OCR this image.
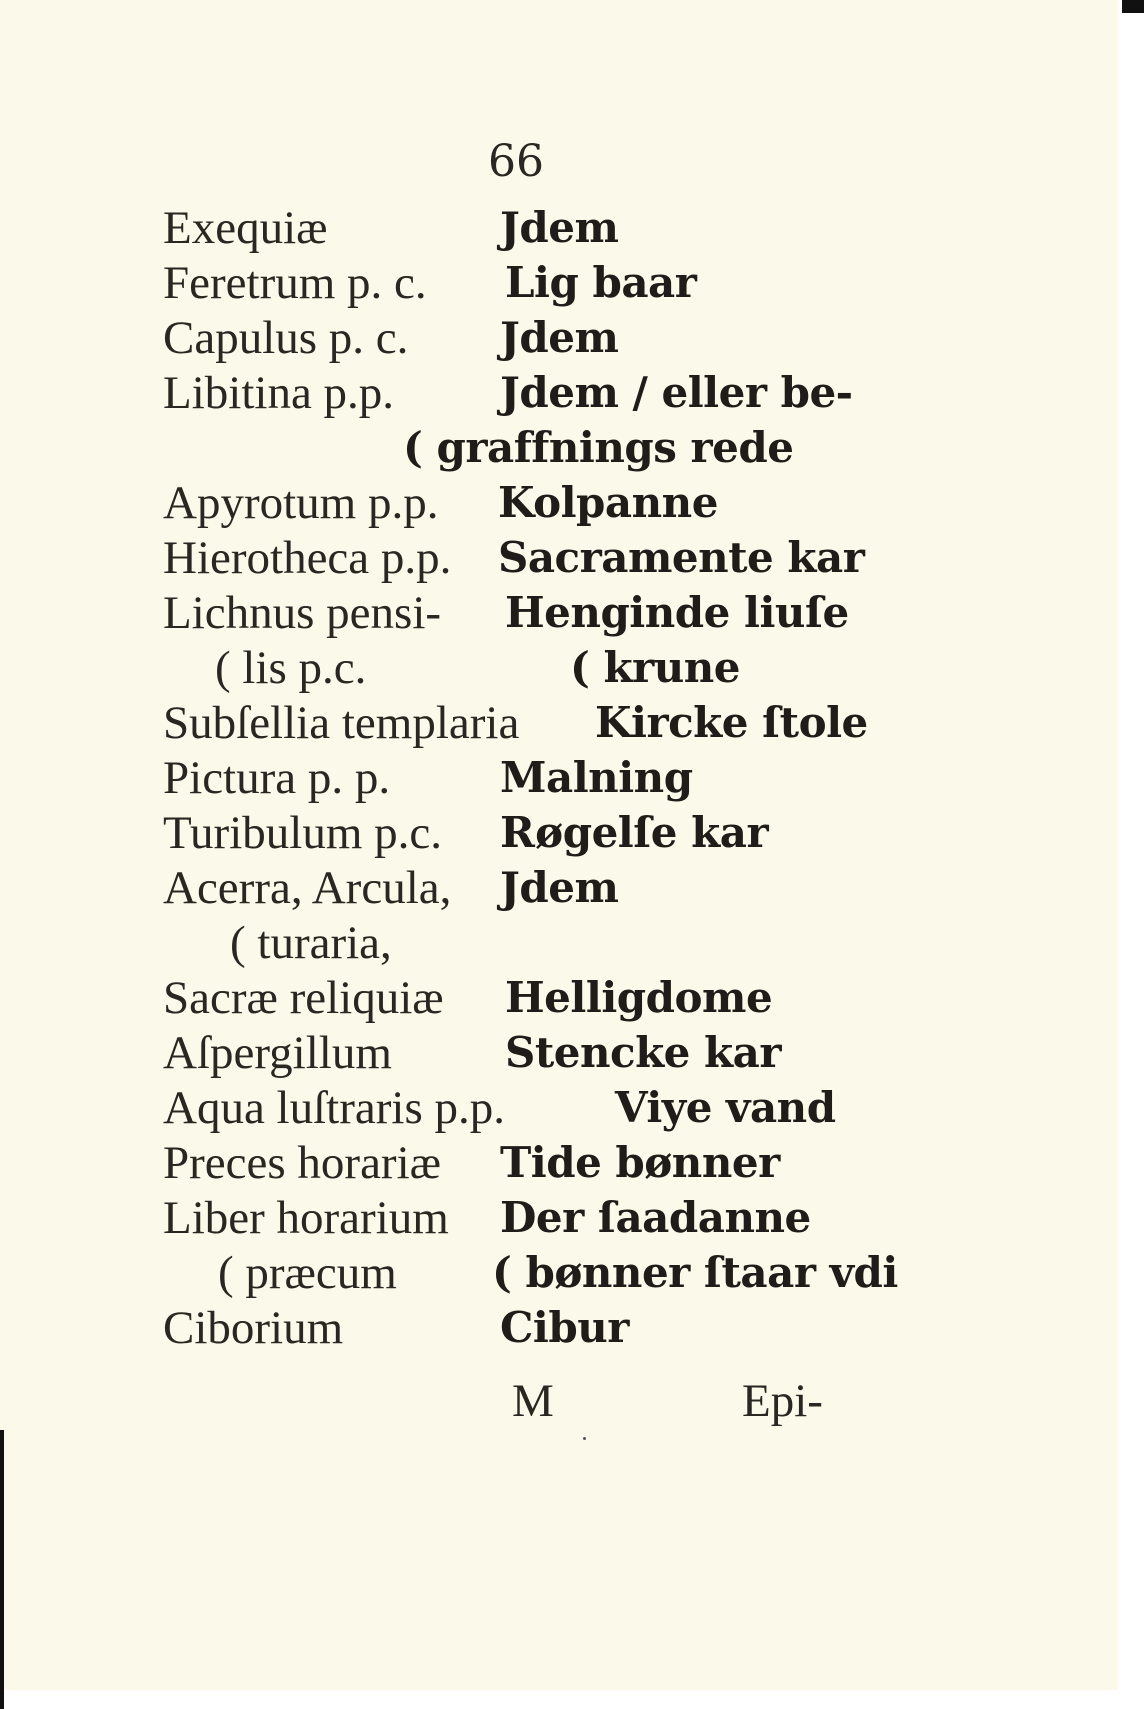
66
Exequiæ
Feretrum p. c.
Capulus p. c.
Libitina p.p.
Apyrotum p.p.
Hierotheca p.p.
Lichnus pensi-
( lis p.c.
Subſellia templaria
Pictura p. p.
Turibulum p.c.
Acerra, Arcula,
( turaria,
Sacræ reliquiæ
Aſpergillum
Aqua luſtraris p.p.
Preces horariæ
Liber horarium
( præcum
Ciborium
Jdem
Lig baar
Jdem
Jdem / eller be-
( graffnings rede
Kolpanne
Sacramente kar
Hengindе liuſe
( krune
Kircke ſtole
Malning
Røgelſe kar
Jdem
Helligdome
Stencke kar
Viye vand
Tide bønner
Der ſaadanne
( bønner ſtaar vdi
Cibur
M	Epi-
